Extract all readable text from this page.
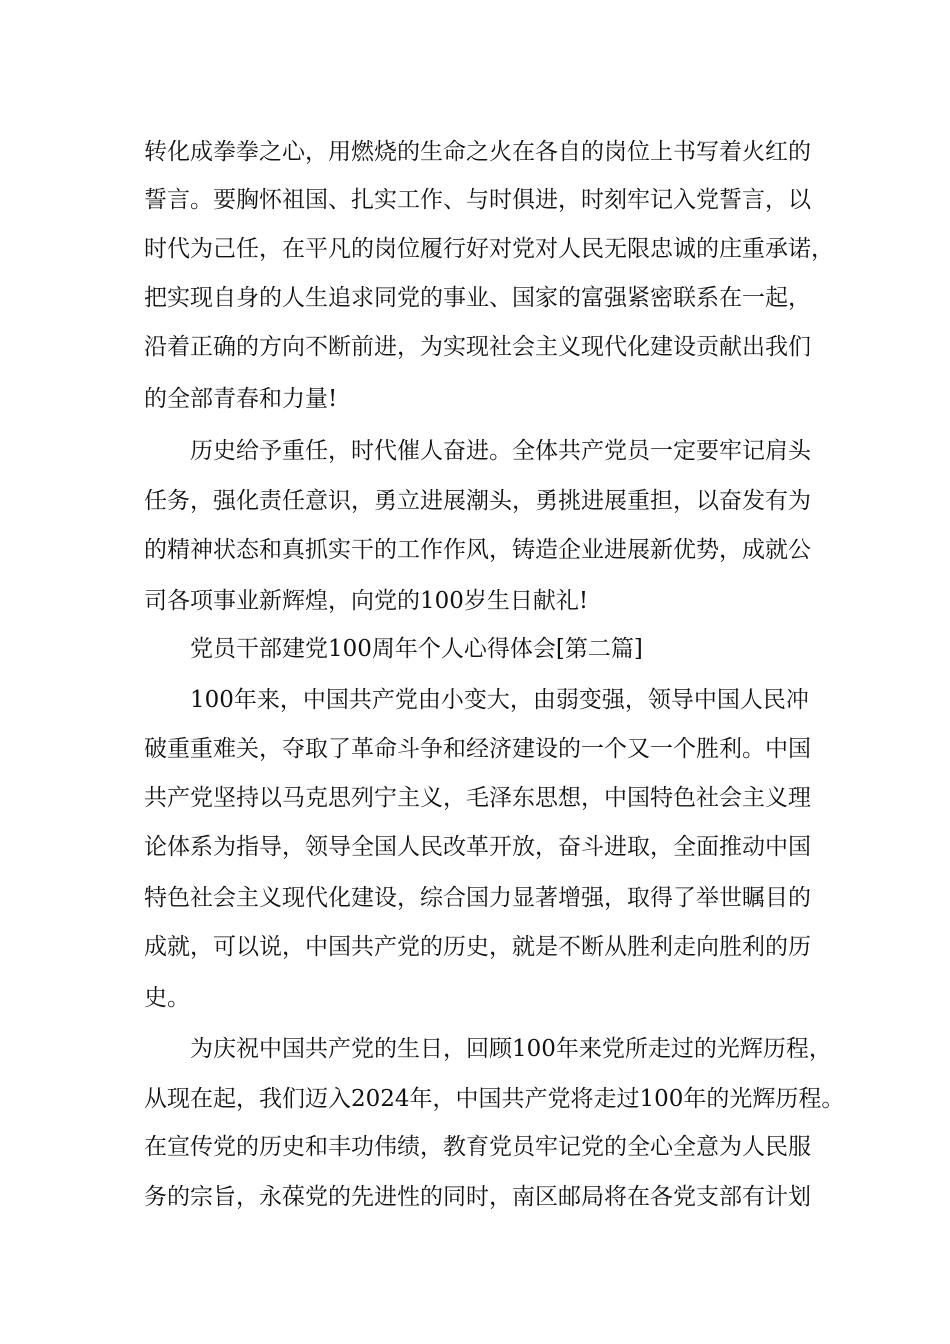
转化成拳拳之心，用燃烧的生命之火在各自的岗位上书写着火红的
誓言。要胸怀祖国、扎实工作、与时俱进，时刻牢记入党誓言，以
时代为己任，在平凡的岗位履行好对党对人民无限忠诚的庄重承诺，
把实现自身的人生追求同党的事业、国家的富强紧密联系在一起，
沿着正确的方向不断前进，为实现社会主义现代化建设贡献出我们
的全部青春和力量!
历史给予重任，时代催人奋进。全体共产党员一定要牢记肩头
任务，强化责任意识，勇立进展潮头，勇挑进展重担，以奋发有为
的精神状态和真抓实干的工作作风，铸造企业进展新优势，成就公
司各项事业新辉煌，向党的100岁生日献礼!
党员干部建党100周年个人心得体会[第二篇]
100年来，中国共产党由小变大，由弱变强，领导中国人民冲
破重重难关，夺取了革命斗争和经济建设的一个又一个胜利。中国
共产党坚持以马克思列宁主义，毛泽东思想，中国特色社会主义理
论体系为指导，领导全国人民改革开放，奋斗进取，全面推动中国
特色社会主义现代化建设，综合国力显著增强，取得了举世瞩目的
成就，可以说，中国共产党的历史，就是不断从胜利走向胜利的历
史。
为庆祝中国共产党的生日，回顾100年来党所走过的光辉历程，
从现在起，我们迈入2024年，中国共产党将走过100年的光辉历程。
在宣传党的历史和丰功伟绩，教育党员牢记党的全心全意为人民服
务的宗旨，永葆党的先进性的同时，南区邮局将在各党支部有计划
